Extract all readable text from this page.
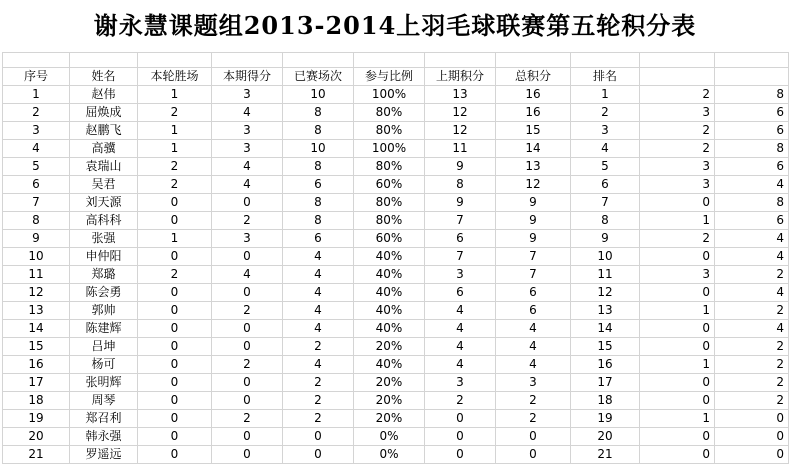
谢永慧课题组2013-2014上羽毛球联赛第五轮积分表

序号	姓名	本轮胜场	本期得分	已赛场次	参与比例	上期积分	总积分	排名		
1	赵伟	1	3	10	100%	13	16	1	2	8
2	屈焕成	2	4	8	80%	12	16	2	3	6
3	赵鹏飞	1	3	8	80%	12	15	3	2	6
4	高骥	1	3	10	100%	11	14	4	2	8
5	袁瑞山	2	4	8	80%	9	13	5	3	6
6	吴君	2	4	6	60%	8	12	6	3	4
7	刘天源	0	0	8	80%	9	9	7	0	8
8	高科科	0	2	8	80%	7	9	8	1	6
9	张强	1	3	6	60%	6	9	9	2	4
10	申仲阳	0	0	4	40%	7	7	10	0	4
11	郑璐	2	4	4	40%	3	7	11	3	2
12	陈会勇	0	0	4	40%	6	6	12	0	4
13	郭帅	0	2	4	40%	4	6	13	1	2
14	陈建辉	0	0	4	40%	4	4	14	0	4
15	吕坤	0	0	2	20%	4	4	15	0	2
16	杨可	0	2	4	40%	4	4	16	1	2
17	张明辉	0	0	2	20%	3	3	17	0	2
18	周琴	0	0	2	20%	2	2	18	0	2
19	郑召利	0	2	2	20%	0	2	19	1	0
20	韩永强	0	0	0	0%	0	0	20	0	0
21	罗遥远	0	0	0	0%	0	0	21	0	0
